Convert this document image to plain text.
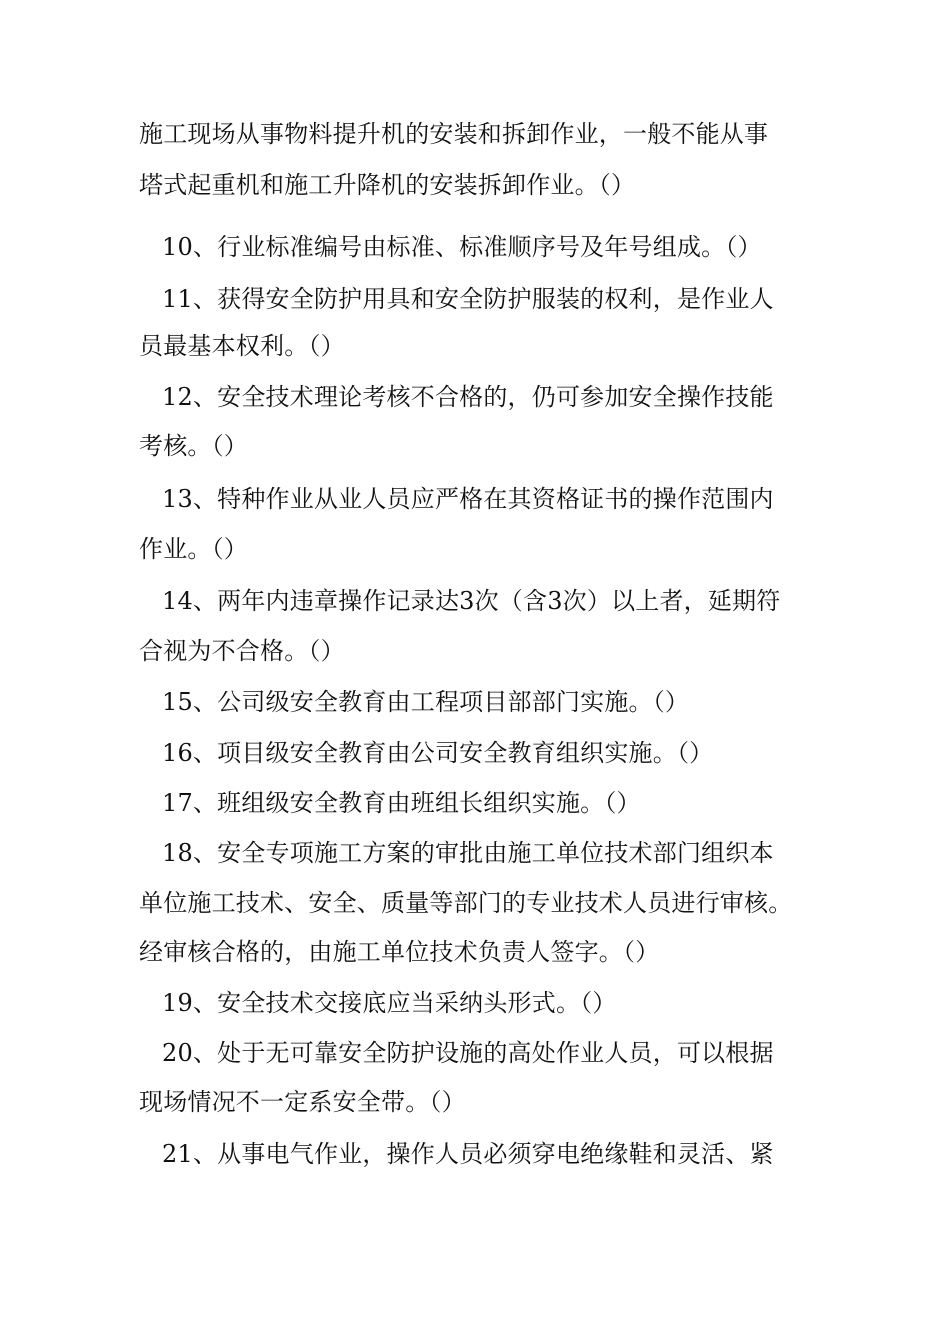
施工现场从事物料提升机的安装和拆卸作业，一般不能从事
塔式起重机和施工升降机的安装拆卸作业。（）
10、行业标准编号由标准、标准顺序号及年号组成。（）
11、获得安全防护用具和安全防护服装的权利，是作业人
员最基本权利。（）
12、安全技术理论考核不合格的，仍可参加安全操作技能
考核。（）
13、特种作业从业人员应严格在其资格证书的操作范围内
作业。（）
14、两年内违章操作记录达3次（含3次）以上者，延期符
合视为不合格。（）
15、公司级安全教育由工程项目部部门实施。（）
16、项目级安全教育由公司安全教育组织实施。（）
17、班组级安全教育由班组长组织实施。（）
18、安全专项施工方案的审批由施工单位技术部门组织本
单位施工技术、安全、质量等部门的专业技术人员进行审核。
经审核合格的，由施工单位技术负责人签字。（）
19、安全技术交接底应当采纳头形式。（）
20、处于无可靠安全防护设施的高处作业人员，可以根据
现场情况不一定系安全带。（）
21、从事电气作业，操作人员必须穿电绝缘鞋和灵活、紧
